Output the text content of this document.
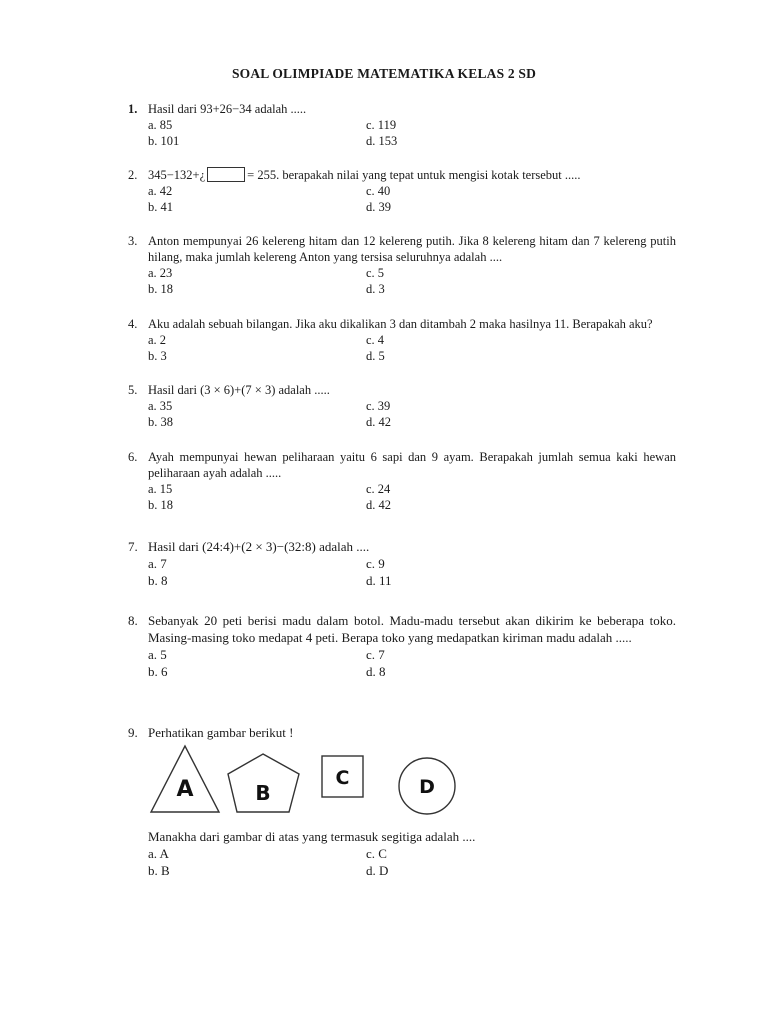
SOAL OLIMPIADE MATEMATIKA KELAS 2 SD
1. Hasil dari 93+26−34 adalah .....
a. 85	c. 119
b. 101	d. 153
2. 345−132+¿	= 255. berapakah nilai yang tepat untuk mengisi kotak tersebut .....
a. 42	c. 40
b. 41	d. 39
3. Anton mempunyai 26 kelereng hitam dan 12 kelereng putih. Jika 8 kelereng hitam dan 7 kelereng putih hilang, maka jumlah kelereng Anton yang tersisa seluruhnya adalah ....
a. 23	c. 5
b. 18	d. 3
4. Aku adalah sebuah bilangan. Jika aku dikalikan 3 dan ditambah 2 maka hasilnya 11. Berapakah aku?
a. 2	c. 4
b. 3	d. 5
5. Hasil dari (3 × 6)+(7 × 3) adalah .....
a. 35	c. 39
b. 38	d. 42
6. Ayah mempunyai hewan peliharaan yaitu 6 sapi dan 9 ayam. Berapakah jumlah semua kaki hewan peliharaan ayah adalah .....
a. 15	c. 24
b. 18	d. 42
7. Hasil dari (24:4)+(2 × 3)−(32:8) adalah ....
a. 7	c. 9
b. 8	d. 11
8. Sebanyak 20 peti berisi madu dalam botol. Madu-madu tersebut akan dikirim ke beberapa toko. Masing-masing toko medapat 4 peti. Berapa toko yang medapatkan kiriman madu adalah .....
a. 5	c. 7
b. 6	d. 8
9. Perhatikan gambar berikut !
A	B
C	D
Manakha dari gambar di atas yang termasuk segitiga adalah ....
a. A	c. C
b. B	d. D
